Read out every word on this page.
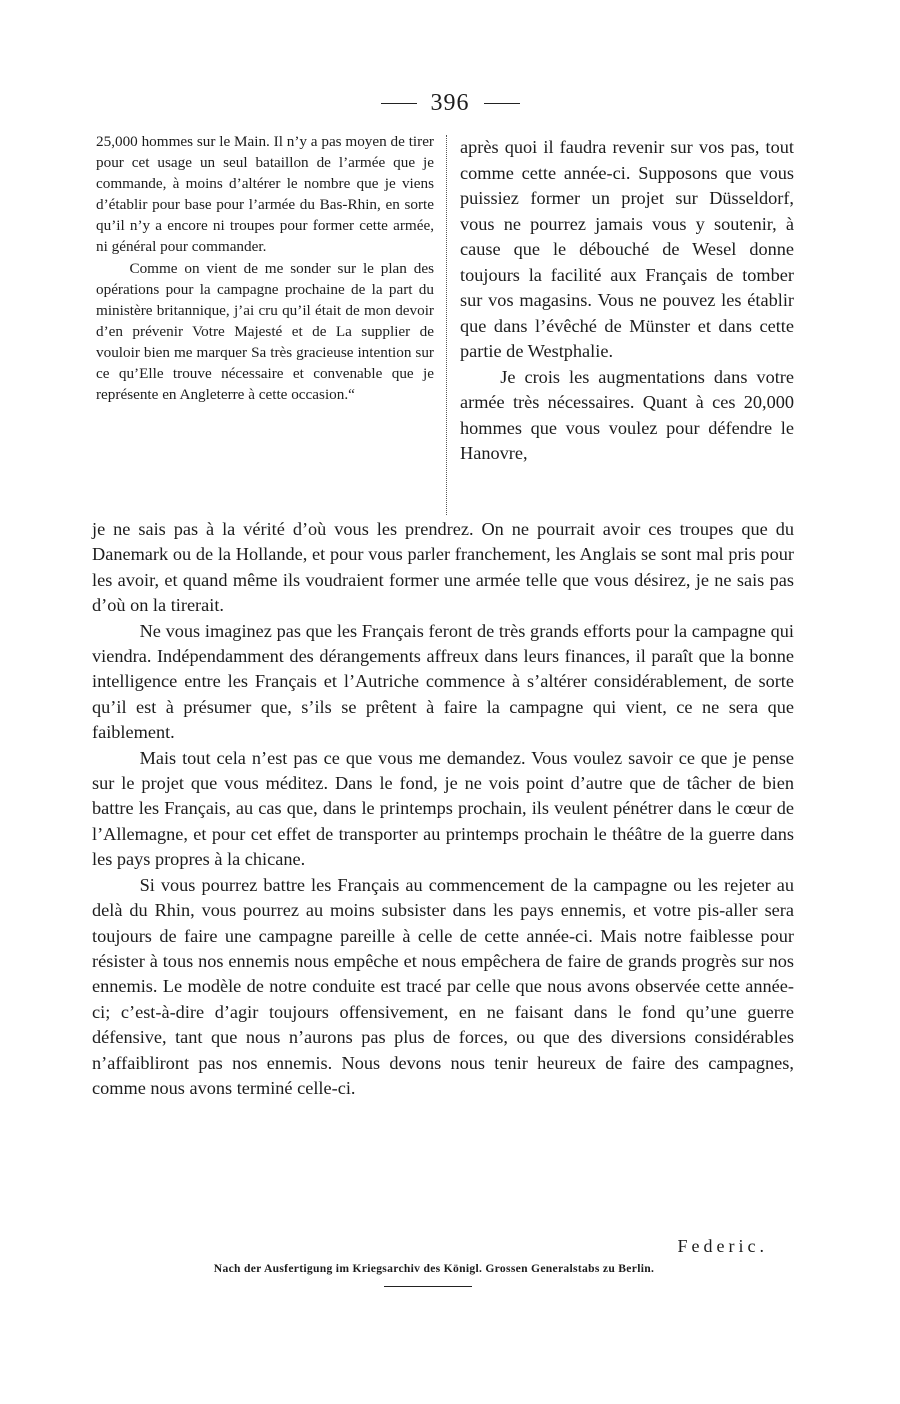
396

25,000 hommes sur le Main. Il n’y a pas moyen de tirer pour cet usage un seul bataillon de l’armée que je commande, à moins d’altérer le nombre que je viens d’établir pour base pour l’armée du Bas-Rhin, en sorte qu’il n’y a encore ni troupes pour former cette armée, ni général pour commander.

Comme on vient de me sonder sur le plan des opérations pour la campagne prochaine de la part du ministère britannique, j’ai cru qu’il était de mon devoir d’en prévenir Votre Majesté et de La supplier de vouloir bien me marquer Sa très gracieuse intention sur ce qu’Elle trouve nécessaire et convenable que je représente en Angleterre à cette occasion.“

après quoi il faudra revenir sur vos pas, tout comme cette année-ci. Supposons que vous puissiez former un projet sur Düsseldorf, vous ne pourrez jamais vous y soutenir, à cause que le débouché de Wesel donne toujours la facilité aux Français de tomber sur vos magasins. Vous ne pouvez les établir que dans l’évêché de Münster et dans cette partie de Westphalie.

Je crois les augmentations dans votre armée très nécessaires. Quant à ces 20,000 hommes que vous voulez pour défendre le Hanovre,

je ne sais pas à la vérité d’où vous les prendrez. On ne pourrait avoir ces troupes que du Danemark ou de la Hollande, et pour vous parler franchement, les Anglais se sont mal pris pour les avoir, et quand même ils voudraient former une armée telle que vous désirez, je ne sais pas d’où on la tirerait.

Ne vous imaginez pas que les Français feront de très grands efforts pour la campagne qui viendra. Indépendamment des dérangements affreux dans leurs finances, il paraît que la bonne intelligence entre les Français et l’Autriche commence à s’altérer considérablement, de sorte qu’il est à présumer que, s’ils se prêtent à faire la campagne qui vient, ce ne sera que faiblement.

Mais tout cela n’est pas ce que vous me demandez. Vous voulez savoir ce que je pense sur le projet que vous méditez. Dans le fond, je ne vois point d’autre que de tâcher de bien battre les Français, au cas que, dans le printemps prochain, ils veulent pénétrer dans le cœur de l’Allemagne, et pour cet effet de transporter au printemps prochain le théâtre de la guerre dans les pays propres à la chicane.

Si vous pourrez battre les Français au commencement de la campagne ou les rejeter au delà du Rhin, vous pourrez au moins subsister dans les pays ennemis, et votre pis-aller sera toujours de faire une campagne pareille à celle de cette année-ci. Mais notre faiblesse pour résister à tous nos ennemis nous empêche et nous empêchera de faire de grands progrès sur nos ennemis. Le modèle de notre conduite est tracé par celle que nous avons observée cette année-ci; c’est-à-dire d’agir toujours offensivement, en ne faisant dans le fond qu’une guerre défensive, tant que nous n’aurons pas plus de forces, ou que des diversions considérables n’affaibliront pas nos ennemis. Nous devons nous tenir heureux de faire des campagnes, comme nous avons terminé celle-ci.

Federic.
Nach der Ausfertigung im Kriegsarchiv des Königl. Grossen Generalstabs zu Berlin.
